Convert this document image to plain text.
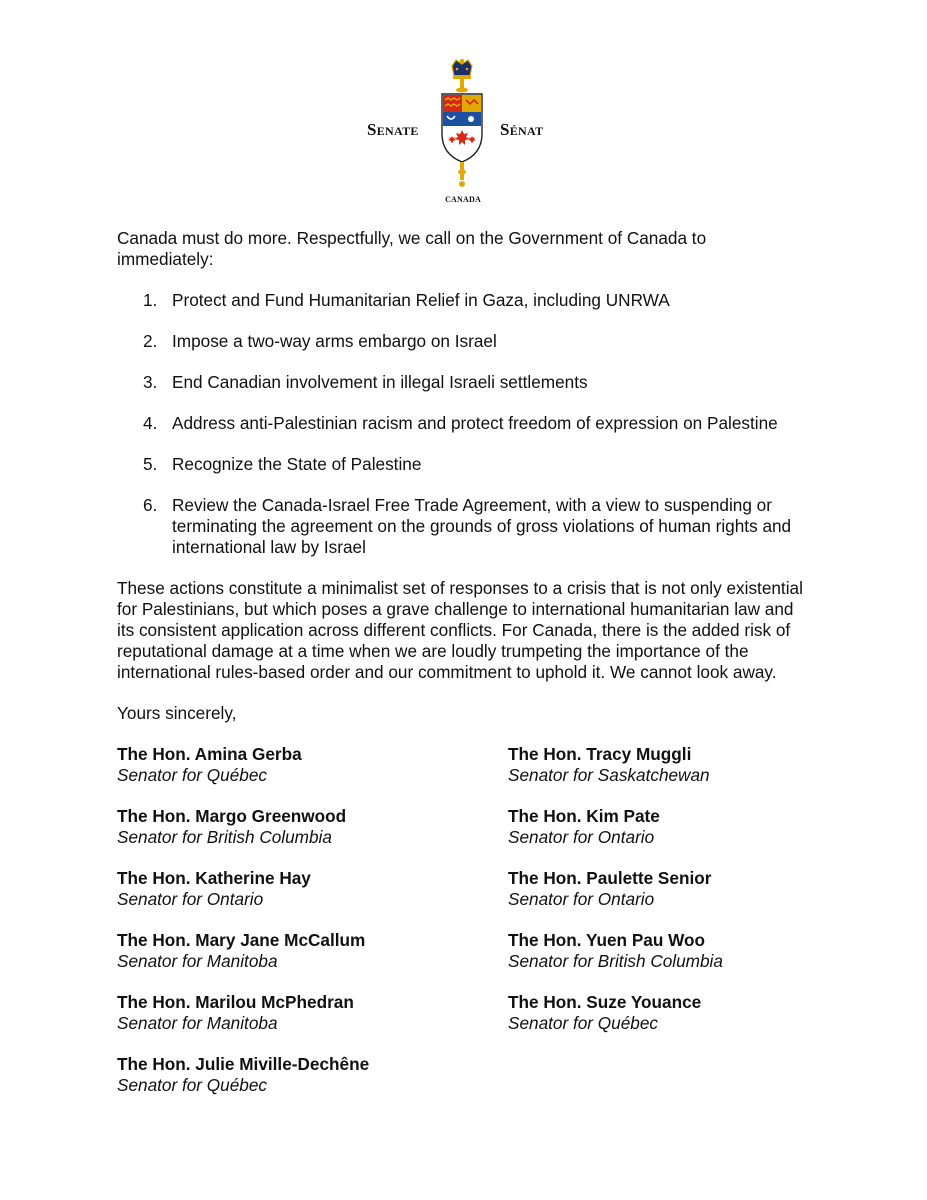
Senate	Sénat
CANADA

Canada must do more. Respectfully, we call on the Government of Canada to immediately:

1. Protect and Fund Humanitarian Relief in Gaza, including UNRWA
2. Impose a two-way arms embargo on Israel
3. End Canadian involvement in illegal Israeli settlements
4. Address anti-Palestinian racism and protect freedom of expression on Palestine
5. Recognize the State of Palestine
6. Review the Canada-Israel Free Trade Agreement, with a view to suspending or terminating the agreement on the grounds of gross violations of human rights and international law by Israel

These actions constitute a minimalist set of responses to a crisis that is not only existential for Palestinians, but which poses a grave challenge to international humanitarian law and its consistent application across different conflicts. For Canada, there is the added risk of reputational damage at a time when we are loudly trumpeting the importance of the international rules-based order and our commitment to uphold it. We cannot look away.

Yours sincerely,

The Hon. Amina Gerba
Senator for Québec
The Hon. Tracy Muggli
Senator for Saskatchewan
The Hon. Margo Greenwood
Senator for British Columbia
The Hon. Kim Pate
Senator for Ontario
The Hon. Katherine Hay
Senator for Ontario
The Hon. Paulette Senior
Senator for Ontario
The Hon. Mary Jane McCallum
Senator for Manitoba
The Hon. Yuen Pau Woo
Senator for British Columbia
The Hon. Marilou McPhedran
Senator for Manitoba
The Hon. Suze Youance
Senator for Québec
The Hon. Julie Miville-Dechêne
Senator for Québec
